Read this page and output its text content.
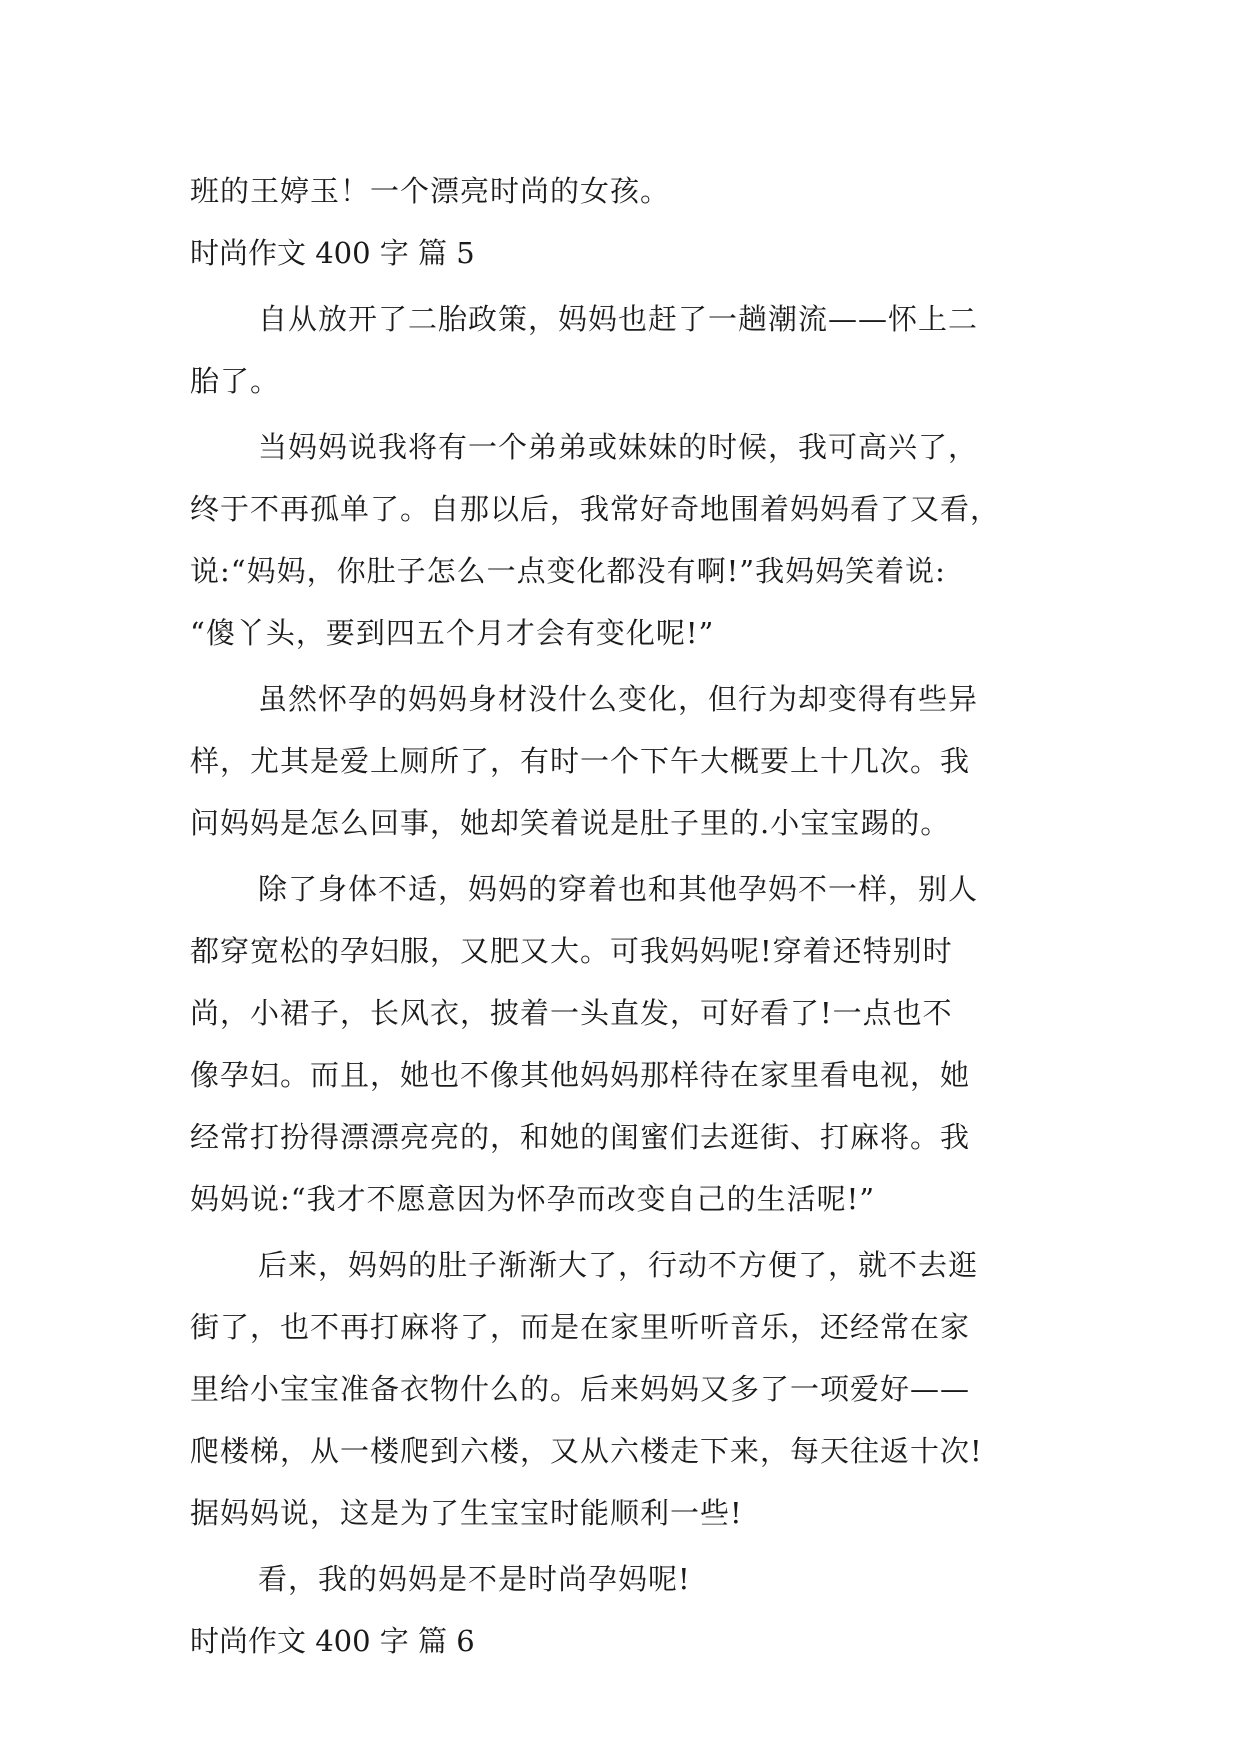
班的王婷玉！一个漂亮时尚的女孩。
时尚作文 400 字 篇 5
自从放开了二胎政策，妈妈也赶了一趟潮流——怀上二
胎了。
当妈妈说我将有一个弟弟或妹妹的时候，我可高兴了，
终于不再孤单了。自那以后，我常好奇地围着妈妈看了又看，
说:“妈妈，你肚子怎么一点变化都没有啊!”我妈妈笑着说:
“傻丫头，要到四五个月才会有变化呢!”
虽然怀孕的妈妈身材没什么变化，但行为却变得有些异
样，尤其是爱上厕所了，有时一个下午大概要上十几次。我
问妈妈是怎么回事，她却笑着说是肚子里的.小宝宝踢的。
除了身体不适，妈妈的穿着也和其他孕妈不一样，别人
都穿宽松的孕妇服，又肥又大。可我妈妈呢!穿着还特别时
尚，小裙子，长风衣，披着一头直发，可好看了!一点也不
像孕妇。而且，她也不像其他妈妈那样待在家里看电视，她
经常打扮得漂漂亮亮的，和她的闺蜜们去逛街、打麻将。我
妈妈说:“我才不愿意因为怀孕而改变自己的生活呢!”
后来，妈妈的肚子渐渐大了，行动不方便了，就不去逛
街了，也不再打麻将了，而是在家里听听音乐，还经常在家
里给小宝宝准备衣物什么的。后来妈妈又多了一项爱好——
爬楼梯，从一楼爬到六楼，又从六楼走下来，每天往返十次!
据妈妈说，这是为了生宝宝时能顺利一些!
看，我的妈妈是不是时尚孕妈呢!
时尚作文 400 字 篇 6
